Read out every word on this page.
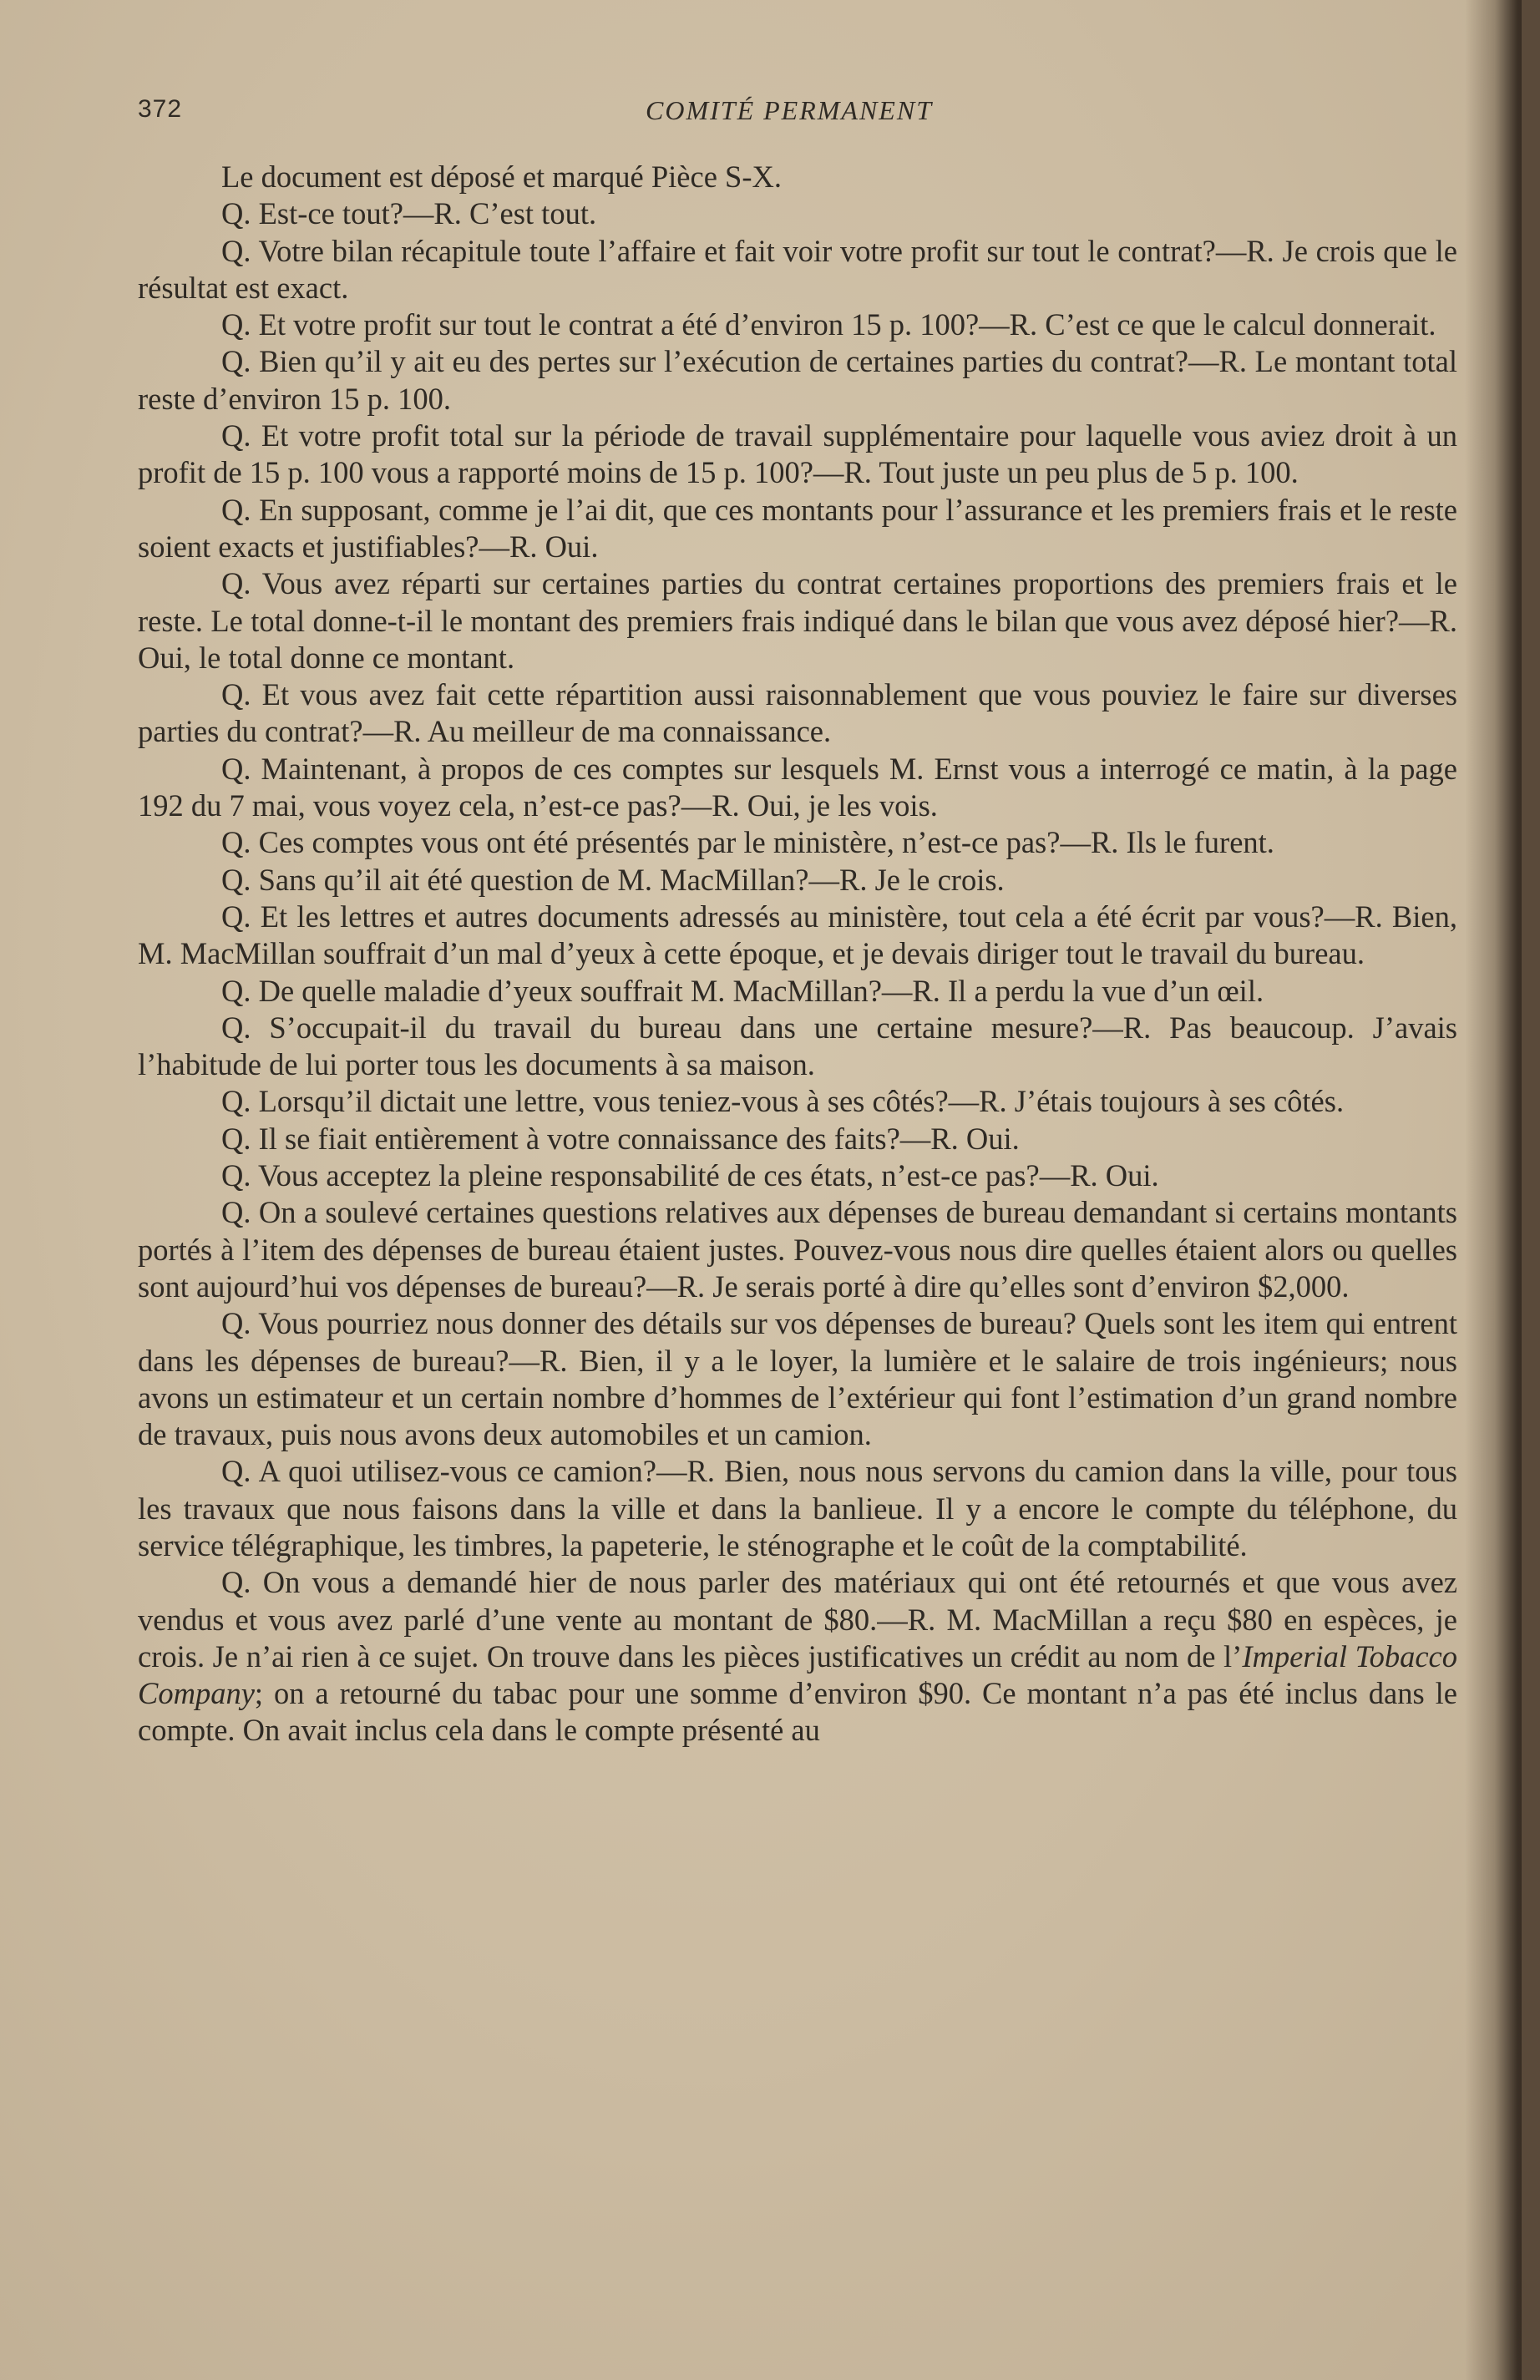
372	COMITÉ PERMANENT

Le document est déposé et marqué Pièce S-X.

Q. Est-ce tout?—R. C’est tout.

Q. Votre bilan récapitule toute l’affaire et fait voir votre profit sur tout le contrat?—R. Je crois que le résultat est exact.

Q. Et votre profit sur tout le contrat a été d’environ 15 p. 100?—R. C’est ce que le calcul donnerait.

Q. Bien qu’il y ait eu des pertes sur l’exécution de certaines parties du contrat?—R. Le montant total reste d’environ 15 p. 100.

Q. Et votre profit total sur la période de travail supplémentaire pour laquelle vous aviez droit à un profit de 15 p. 100 vous a rapporté moins de 15 p. 100?—R. Tout juste un peu plus de 5 p. 100.

Q. En supposant, comme je l’ai dit, que ces montants pour l’assurance et les premiers frais et le reste soient exacts et justifiables?—R. Oui.

Q. Vous avez réparti sur certaines parties du contrat certaines proportions des premiers frais et le reste. Le total donne-t-il le montant des premiers frais indiqué dans le bilan que vous avez déposé hier?—R. Oui, le total donne ce montant.

Q. Et vous avez fait cette répartition aussi raisonnablement que vous pouviez le faire sur diverses parties du contrat?—R. Au meilleur de ma connaissance.

Q. Maintenant, à propos de ces comptes sur lesquels M. Ernst vous a interrogé ce matin, à la page 192 du 7 mai, vous voyez cela, n’est-ce pas?—R. Oui, je les vois.

Q. Ces comptes vous ont été présentés par le ministère, n’est-ce pas?—R. Ils le furent.

Q. Sans qu’il ait été question de M. MacMillan?—R. Je le crois.

Q. Et les lettres et autres documents adressés au ministère, tout cela a été écrit par vous?—R. Bien, M. MacMillan souffrait d’un mal d’yeux à cette époque, et je devais diriger tout le travail du bureau.

Q. De quelle maladie d’yeux souffrait M. MacMillan?—R. Il a perdu la vue d’un œil.

Q. S’occupait-il du travail du bureau dans une certaine mesure?—R. Pas beaucoup. J’avais l’habitude de lui porter tous les documents à sa maison.

Q. Lorsqu’il dictait une lettre, vous teniez-vous à ses côtés?—R. J’étais toujours à ses côtés.

Q. Il se fiait entièrement à votre connaissance des faits?—R. Oui.

Q. Vous acceptez la pleine responsabilité de ces états, n’est-ce pas?—R. Oui.

Q. On a soulevé certaines questions relatives aux dépenses de bureau demandant si certains montants portés à l’item des dépenses de bureau étaient justes. Pouvez-vous nous dire quelles étaient alors ou quelles sont aujourd’hui vos dépenses de bureau?—R. Je serais porté à dire qu’elles sont d’environ $2,000.

Q. Vous pourriez nous donner des détails sur vos dépenses de bureau? Quels sont les item qui entrent dans les dépenses de bureau?—R. Bien, il y a le loyer, la lumière et le salaire de trois ingénieurs; nous avons un estimateur et un certain nombre d’hommes de l’extérieur qui font l’estimation d’un grand nombre de travaux, puis nous avons deux automobiles et un camion.

Q. A quoi utilisez-vous ce camion?—R. Bien, nous nous servons du camion dans la ville, pour tous les travaux que nous faisons dans la ville et dans la banlieue. Il y a encore le compte du téléphone, du service télégraphique, les timbres, la papeterie, le sténographe et le coût de la comptabilité.

Q. On vous a demandé hier de nous parler des matériaux qui ont été retournés et que vous avez vendus et vous avez parlé d’une vente au montant de $80.—R. M. MacMillan a reçu $80 en espèces, je crois. Je n’ai rien à ce sujet. On trouve dans les pièces justificatives un crédit au nom de l’Imperial Tobacco Company; on a retourné du tabac pour une somme d’environ $90. Ce montant n’a pas été inclus dans le compte. On avait inclus cela dans le compte présenté au
